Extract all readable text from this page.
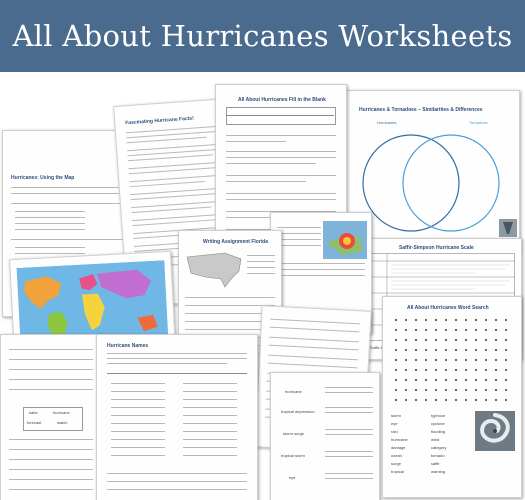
All About Hurricanes Worksheets
Hurricanes & Tornadoes – Similarities & Differences
Hurricanes	Tornadoes
Hurricanes: Using the Map
Fascinating Hurricane Facts!
All About Hurricanes Fill in the Blank
Saffir-Simpson Hurricane Scale
Writing Assignment Florida
safer	hurricane
forecast	watch
Hurricane Names
hurricane
tropical depression
storm surge
tropical storm
eye
All About Hurricanes Word Search
storm	typhoon
eye	cyclone
rain	flooding
hurricane	wind
damage	category
ocean	tornado
surge	saffir
tropical	warning
